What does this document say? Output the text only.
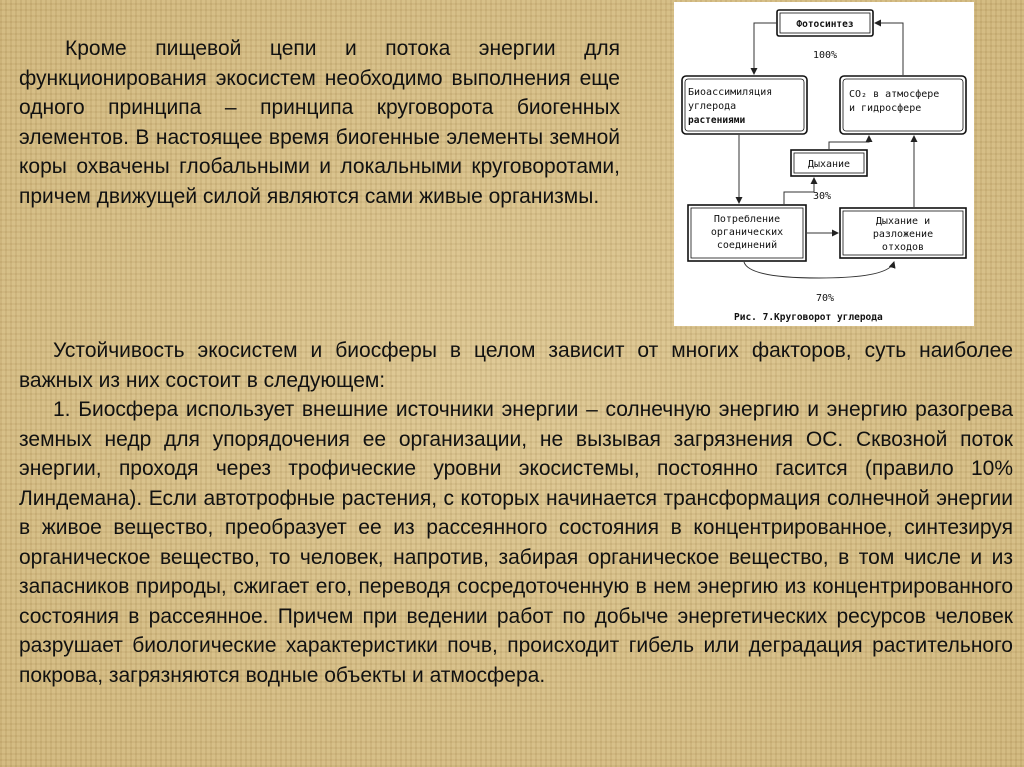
Кроме пищевой цепи и потока энергии для функционирования экосистем необходимо выполнения еще одного принципа – принципа круговорота биогенных элементов. В настоящее время биогенные элементы земной коры охвачены глобальными и локальными круговоротами, причем движущей силой являются сами живые организмы.

Фотосинтез
Биоассимиляция
углерода
растениями
CO₂ в атмосфере
и гидросфере
Дыхание
Потребление
органических
соединений
Дыхание и
разложение
отходов
100%
30%
70%
Рис. 7.Круговорот углерода

Устойчивость экосистем и биосферы в целом зависит от многих факторов, суть наиболее важных из них состоит в следующем:

1. Биосфера использует внешние источники энергии – солнечную энергию и энергию разогрева земных недр для упорядочения ее организации, не вызывая загрязнения ОС. Сквозной поток энергии, проходя через трофические уровни экосистемы, постоянно гасится (правило 10% Линдемана). Если автотрофные растения, с которых начинается трансформация солнечной энергии в живое вещество, преобразует ее из рассеянного состояния в концентрированное, синтезируя органическое вещество, то человек, напротив, забирая органическое вещество, в том числе и из запасников природы, сжигает его, переводя сосредоточенную в нем энергию из концентрированного состояния в рассеянное. Причем при ведении работ по добыче энергетических ресурсов человек разрушает биологические характеристики почв, происходит гибель или деградация растительного покрова, загрязняются водные объекты и атмосфера.
